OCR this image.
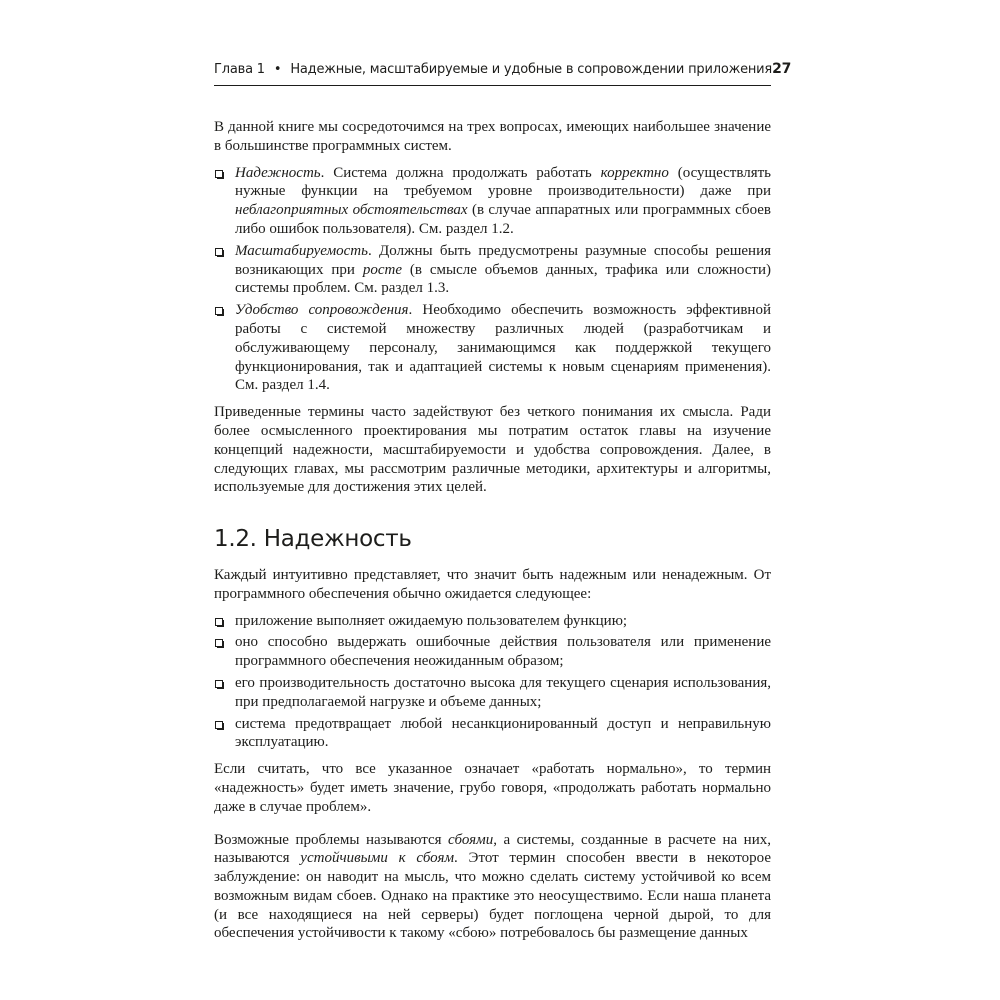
Глава 1 • Надежные, масштабируемые и удобные в сопровождении приложения 27

В данной книге мы сосредоточимся на трех вопросах, имеющих наибольшее значение в большинстве программных систем.

Надежность. Система должна продолжать работать корректно (осуществлять нужные функции на требуемом уровне производительности) даже при неблагоприятных обстоятельствах (в случае аппаратных или программных сбоев либо ошибок пользователя). См. раздел 1.2.
Масштабируемость. Должны быть предусмотрены разумные способы решения возникающих при росте (в смысле объемов данных, трафика или сложности) системы проблем. См. раздел 1.3.
Удобство сопровождения. Необходимо обеспечить возможность эффективной работы с системой множеству различных людей (разработчикам и обслуживающему персоналу, занимающимся как поддержкой текущего функционирования, так и адаптацией системы к новым сценариям применения). См. раздел 1.4.

Приведенные термины часто задействуют без четкого понимания их смысла. Ради более осмысленного проектирования мы потратим остаток главы на изучение концепций надежности, масштабируемости и удобства сопровождения. Далее, в следующих главах, мы рассмотрим различные методики, архитектуры и алгоритмы, используемые для достижения этих целей.

1.2. Надежность

Каждый интуитивно представляет, что значит быть надежным или ненадежным. От программного обеспечения обычно ожидается следующее:

приложение выполняет ожидаемую пользователем функцию;
оно способно выдержать ошибочные действия пользователя или применение программного обеспечения неожиданным образом;
его производительность достаточно высока для текущего сценария использования, при предполагаемой нагрузке и объеме данных;
система предотвращает любой несанкционированный доступ и неправильную эксплуатацию.

Если считать, что все указанное означает «работать нормально», то термин «надежность» будет иметь значение, грубо говоря, «продолжать работать нормально даже в случае проблем».

Возможные проблемы называются сбоями, а системы, созданные в расчете на них, называются устойчивыми к сбоям. Этот термин способен ввести в некоторое заблуждение: он наводит на мысль, что можно сделать систему устойчивой ко всем возможным видам сбоев. Однако на практике это неосуществимо. Если наша планета (и все находящиеся на ней серверы) будет поглощена черной дырой, то для обеспечения устойчивости к такому «сбою» потребовалось бы размещение данных
